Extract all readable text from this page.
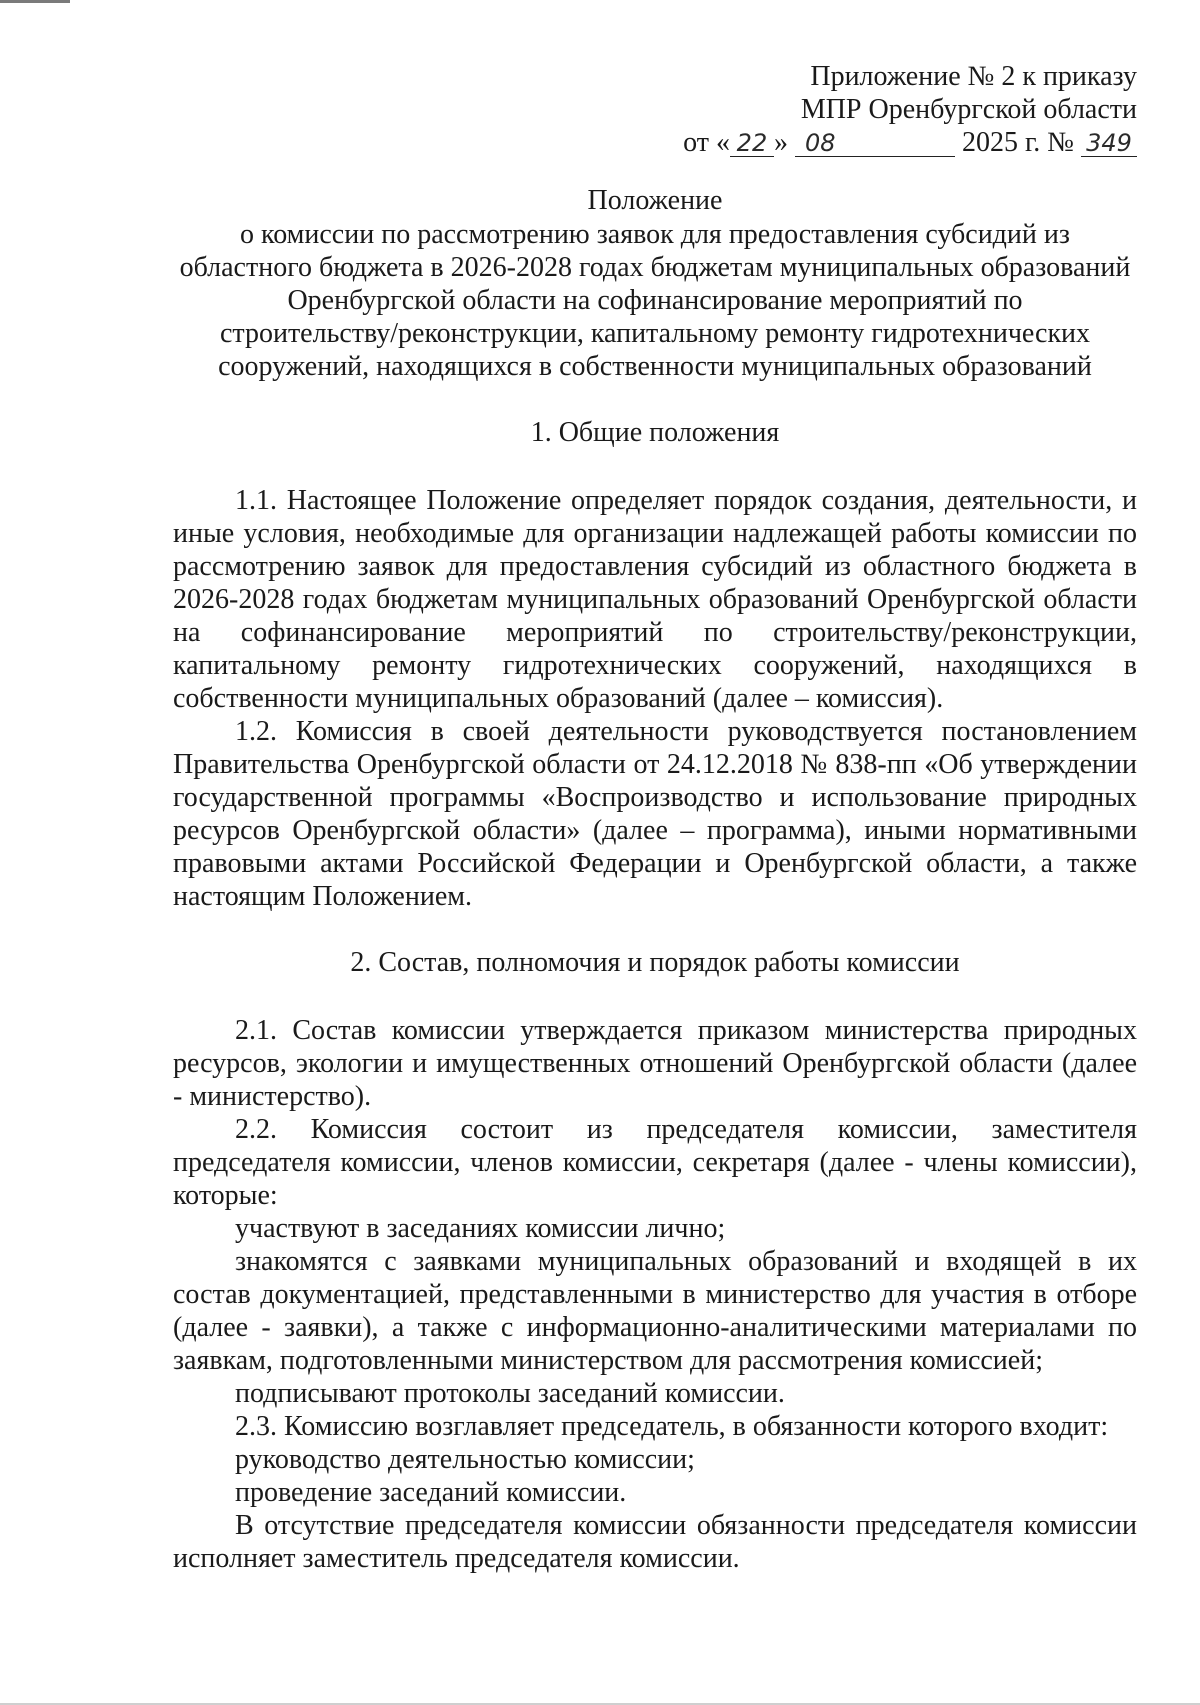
Приложение № 2 к приказу
МПР Оренбургской области
от « 22 » 08	2025 г. № 349
Положение
о комиссии по рассмотрению заявок для предоставления субсидий из
областного бюджета в 2026-2028 годах бюджетам муниципальных образований
Оренбургской области на софинансирование мероприятий по
строительству/реконструкции, капитальному ремонту гидротехнических
сооружений, находящихся в собственности муниципальных образований
1. Общие положения

1.1. Настоящее Положение определяет порядок создания, деятельности, и иные условия, необходимые для организации надлежащей работы комиссии по рассмотрению заявок для предоставления субсидий из областного бюджета в 2026-2028 годах бюджетам муниципальных образований Оренбургской области на софинансирование мероприятий по строительству/реконструкции, капитальному ремонту гидротехнических сооружений, находящихся в собственности муниципальных образований (далее – комиссия).

1.2. Комиссия в своей деятельности руководствуется постановлением Правительства Оренбургской области от 24.12.2018 № 838-пп «Об утверждении государственной программы «Воспроизводство и использование природных ресурсов Оренбургской области» (далее – программа), иными нормативными правовыми актами Российской Федерации и Оренбургской области, а также настоящим Положением.

2. Состав, полномочия и порядок работы комиссии

2.1. Состав комиссии утверждается приказом министерства природных ресурсов, экологии и имущественных отношений Оренбургской области (далее - министерство).

2.2. Комиссия состоит из председателя комиссии, заместителя председателя комиссии, членов комиссии, секретаря (далее - члены комиссии), которые:

участвуют в заседаниях комиссии лично;

знакомятся с заявками муниципальных образований и входящей в их состав документацией, представленными в министерство для участия в отборе (далее - заявки), а также с информационно-аналитическими материалами по заявкам, подготовленными министерством для рассмотрения комиссией;

подписывают протоколы заседаний комиссии.

2.3. Комиссию возглавляет председатель, в обязанности которого входит:

руководство деятельностью комиссии;

проведение заседаний комиссии.

В отсутствие председателя комиссии обязанности председателя комиссии исполняет заместитель председателя комиссии.
